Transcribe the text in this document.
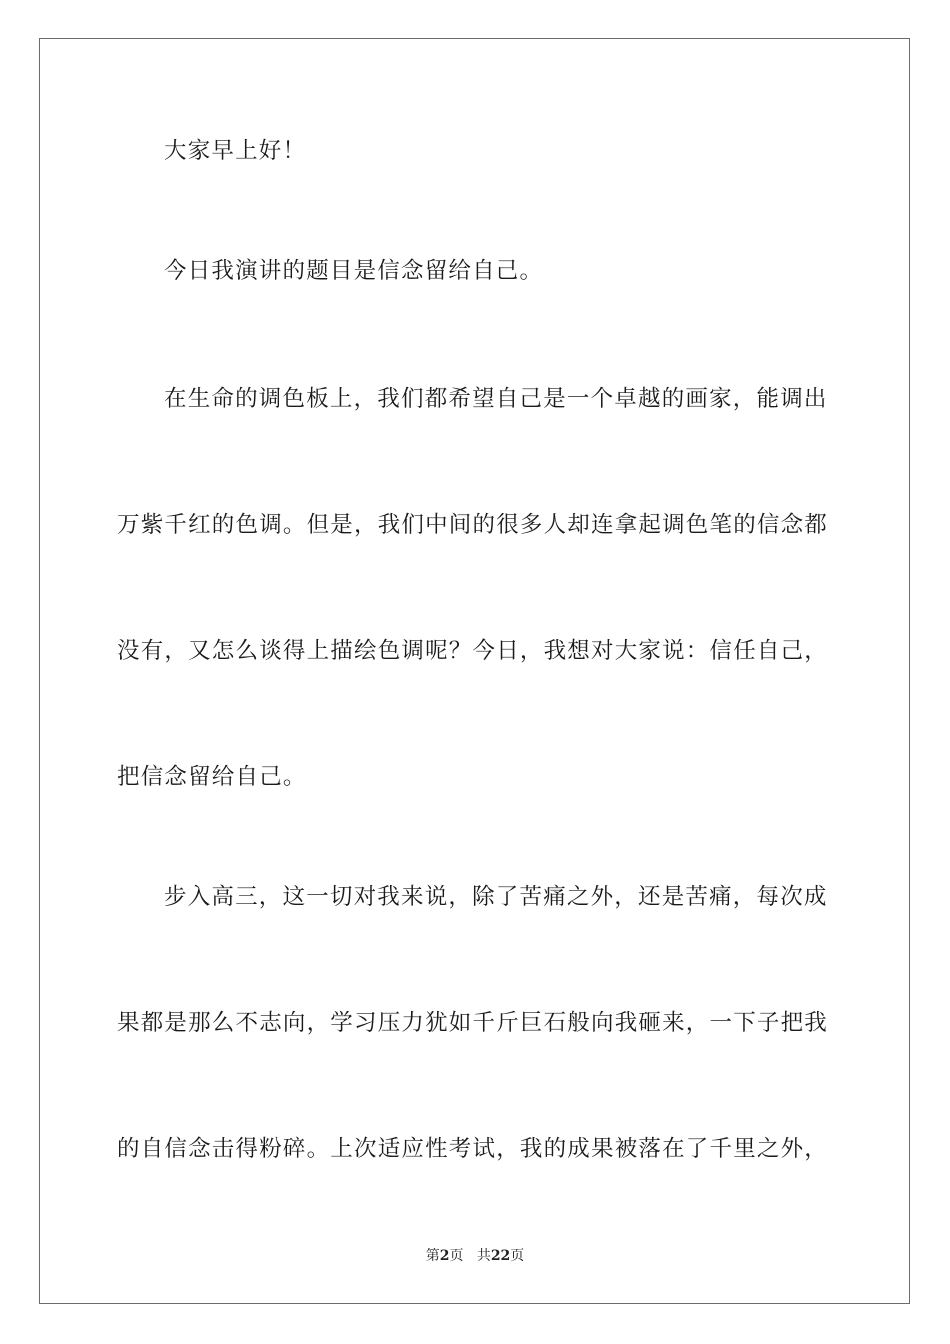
大家早上好！
今日我演讲的题目是信念留给自己。
在生命的调色板上，我们都希望自己是一个卓越的画家，能调出
万紫千红的色调。但是，我们中间的很多人却连拿起调色笔的信念都
没有，又怎么谈得上描绘色调呢？今日，我想对大家说：信任自己，
把信念留给自己。
步入高三，这一切对我来说，除了苦痛之外，还是苦痛，每次成
果都是那么不志向，学习压力犹如千斤巨石般向我砸来，一下子把我
的自信念击得粉碎。上次适应性考试，我的成果被落在了千里之外，
第2页 共22页
